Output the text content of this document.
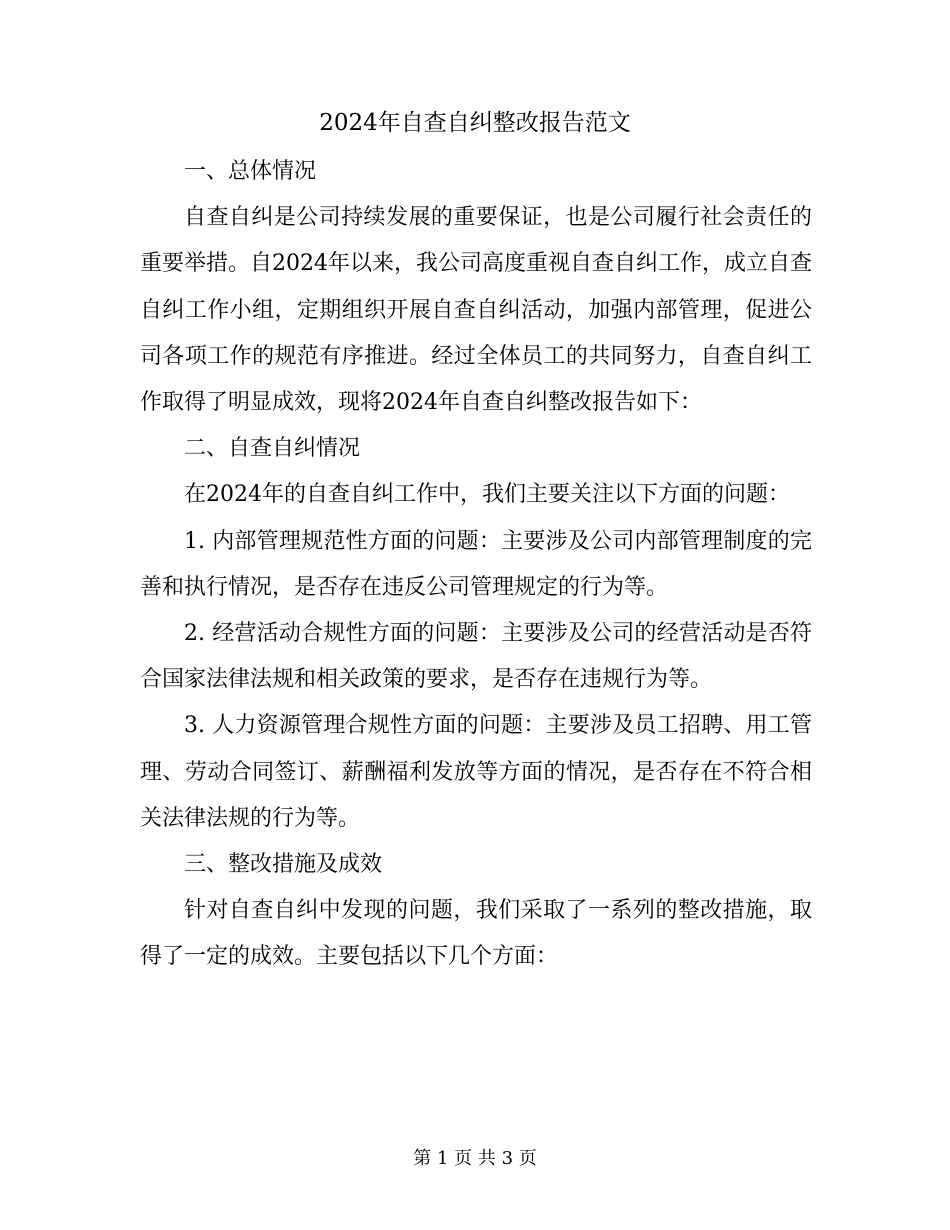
2024年自查自纠整改报告范文

一、总体情况

自查自纠是公司持续发展的重要保证，也是公司履行社会责任的重要举措。自2024年以来，我公司高度重视自查自纠工作，成立自查自纠工作小组，定期组织开展自查自纠活动，加强内部管理，促进公司各项工作的规范有序推进。经过全体员工的共同努力，自查自纠工作取得了明显成效，现将2024年自查自纠整改报告如下：

二、自查自纠情况

在2024年的自查自纠工作中，我们主要关注以下方面的问题：

1. 内部管理规范性方面的问题：主要涉及公司内部管理制度的完善和执行情况，是否存在违反公司管理规定的行为等。

2. 经营活动合规性方面的问题：主要涉及公司的经营活动是否符合国家法律法规和相关政策的要求，是否存在违规行为等。

3. 人力资源管理合规性方面的问题：主要涉及员工招聘、用工管理、劳动合同签订、薪酬福利发放等方面的情况，是否存在不符合相关法律法规的行为等。

三、整改措施及成效

针对自查自纠中发现的问题，我们采取了一系列的整改措施，取得了一定的成效。主要包括以下几个方面：

第 1 页 共 3 页
